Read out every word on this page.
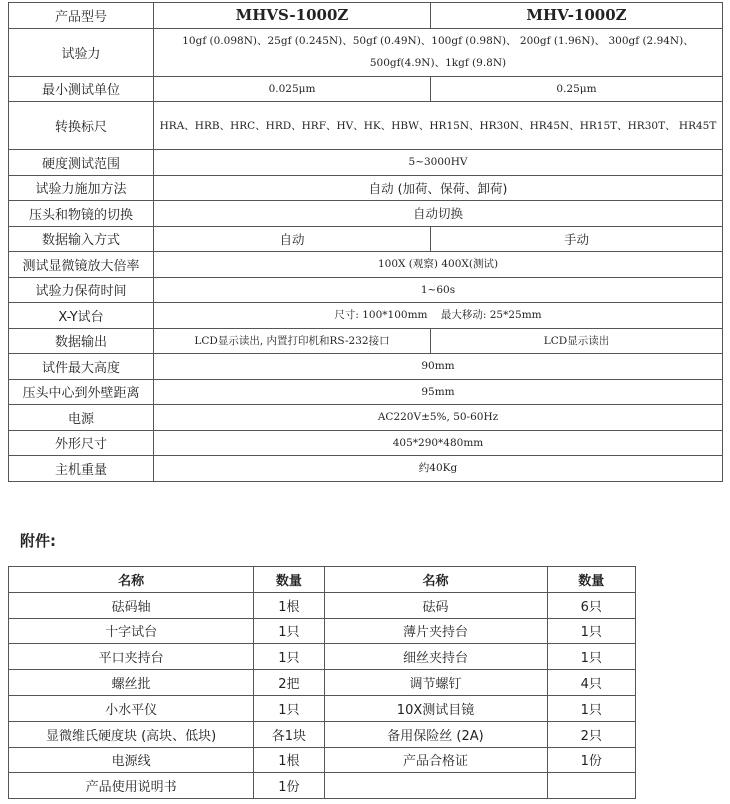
产品型号	MHVS-1000Z	MHV-1000Z
试验力	10gf (0.098N)、25gf (0.245N)、50gf (0.49N)、100gf (0.98N)、 200gf (1.96N)、 300gf (2.94N)、500gf(4.9N)、1kgf (9.8N)	
最小测试单位	0.025μm	0.25μm
转换标尺	HRA、HRB、HRC、HRD、HRF、HV、HK、HBW、HR15N、HR30N、HR45N、HR15T、HR30T、 HR45T	
硬度测试范围	5~3000HV	
试验力施加方法	自动 (加荷、保荷、卸荷)	
压头和物镜的切换	自动切换	
数据输入方式	自动	手动
测试显微镜放大倍率	100X (观察) 400X(测试)	
试验力保荷时间	1~60s	
X-Y试台	尺寸: 100*100mm    最大移动: 25*25mm	
数据输出	LCD显示读出, 内置打印机和RS-232接口	LCD显示读出
试件最大高度	90mm	
压头中心到外壁距离	95mm	
电源	AC220V±5%, 50-60Hz	
外形尺寸	405*290*480mm	
主机重量	约40Kg	
附件:
名称	数量	名称	数量
砝码轴	1根	砝码	6只
十字试台	1只	薄片夹持台	1只
平口夹持台	1只	细丝夹持台	1只
螺丝批	2把	调节螺钉	4只
小水平仪	1只	10X测试目镜	1只
显微维氏硬度块 (高块、低块)	各1块	备用保险丝 (2A)	2只
电源线	1根	产品合格证	1份
产品使用说明书	1份		
